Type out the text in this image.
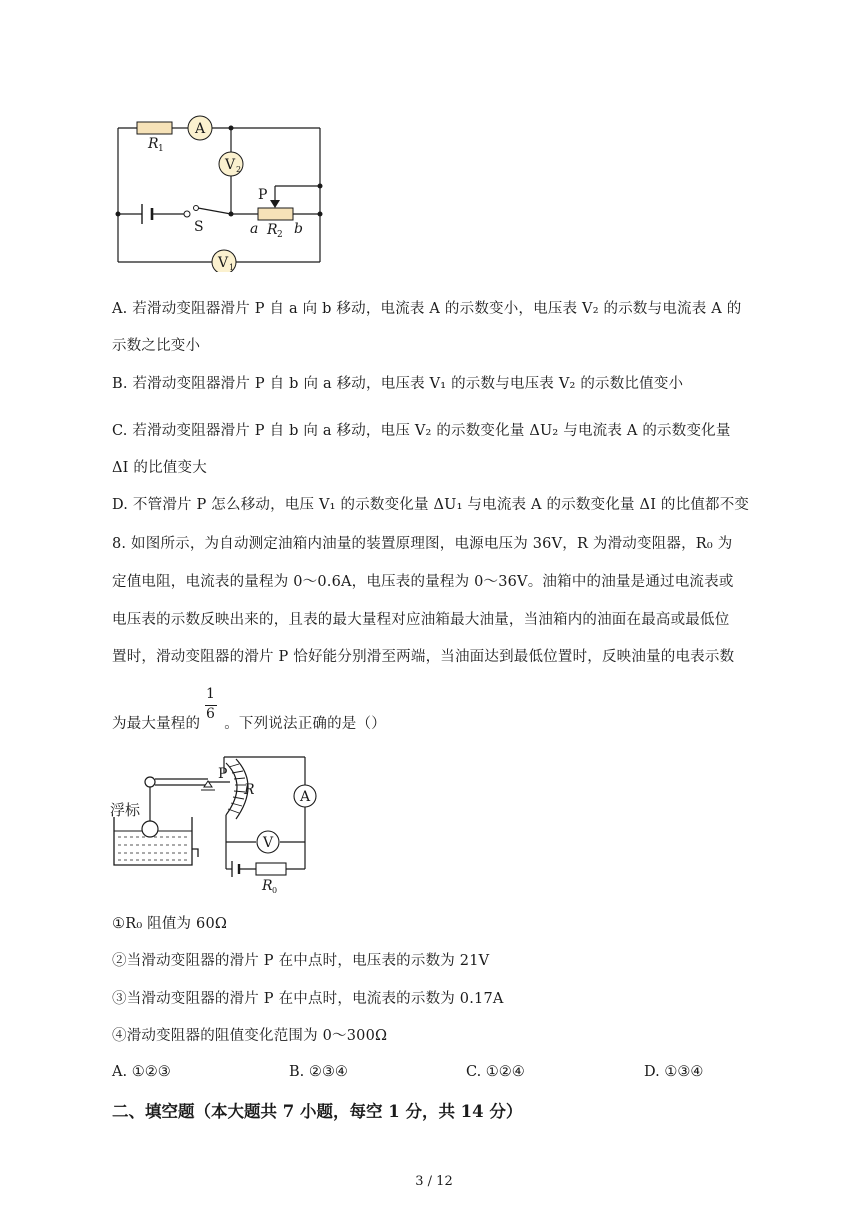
A
V 2
V 1
R 1
P
S	a R 2 b
A. 若滑动变阻器滑片 P 自 a 向 b 移动，电流表 A 的示数变小，电压表 V₂ 的示数与电流表 A 的
示数之比变小
B. 若滑动变阻器滑片 P 自 b 向 a 移动，电压表 V₁ 的示数与电压表 V₂ 的示数比值变小
C. 若滑动变阻器滑片 P 自 b 向 a 移动，电压 V₂ 的示数变化量 ΔU₂ 与电流表 A 的示数变化量
ΔI 的比值变大
D. 不管滑片 P 怎么移动，电压 V₁ 的示数变化量 ΔU₁ 与电流表 A 的示数变化量 ΔI 的比值都不变
8. 如图所示，为自动测定油箱内油量的装置原理图，电源电压为 36V，R 为滑动变阻器，R₀ 为
定值电阻，电流表的量程为 0～0.6A，电压表的量程为 0～36V。油箱中的油量是通过电流表或
电压表的示数反映出来的，且表的最大量程对应油箱最大油量，当油箱内的油面在最高或最低位
置时，滑动变阻器的滑片 P 恰好能分别滑至两端，当油面达到最低位置时，反映油量的电表示数
为最大量程的 。下列说法正确的是（）
1
6
浮标
P
R	A
V
R 0
①R₀ 阻值为 60Ω
②当滑动变阻器的滑片 P 在中点时，电压表的示数为 21V
③当滑动变阻器的滑片 P 在中点时，电流表的示数为 0.17A
④滑动变阻器的阻值变化范围为 0～300Ω
A. ①②③	B. ②③④	C. ①②④	D. ①③④
二、填空题（本大题共 7 小题，每空 1 分，共 14 分）
3 / 12
